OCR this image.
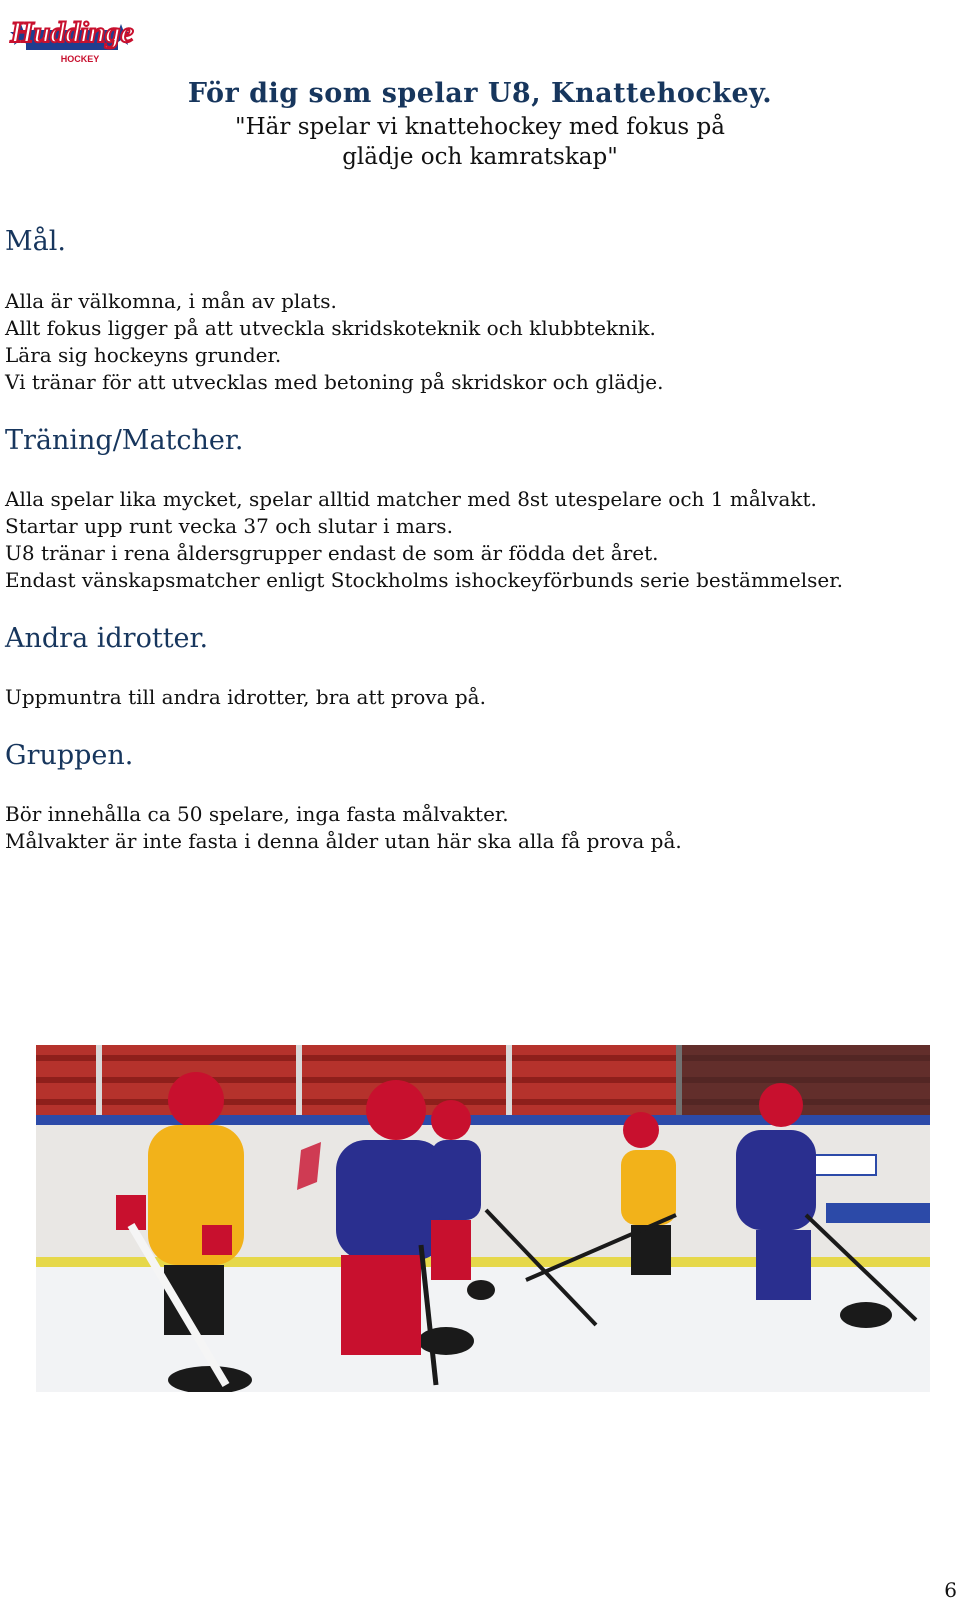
Huddinge
HOCKEY
För dig som spelar U8, Knattehockey.
"Här spelar vi knattehockey med fokus på
glädje och kamratskap"
Mål.
Alla är välkomna, i mån av plats.
Allt fokus ligger på att utveckla skridskoteknik och klubbteknik.
Lära sig hockeyns grunder.
Vi tränar för att utvecklas med betoning på skridskor och glädje.
Träning/Matcher.
Alla spelar lika mycket, spelar alltid matcher med 8st utespelare och 1 målvakt.
Startar upp runt vecka 37 och slutar i mars.
U8 tränar i rena åldersgrupper endast de som är födda det året.
Endast vänskapsmatcher enligt Stockholms ishockeyförbunds serie bestämmelser.
Andra idrotter.
Uppmuntra till andra idrotter, bra att prova på.
Gruppen.
Bör innehålla ca 50 spelare, inga fasta målvakter.
Målvakter är inte fasta i denna ålder utan här ska alla få prova på.
6
